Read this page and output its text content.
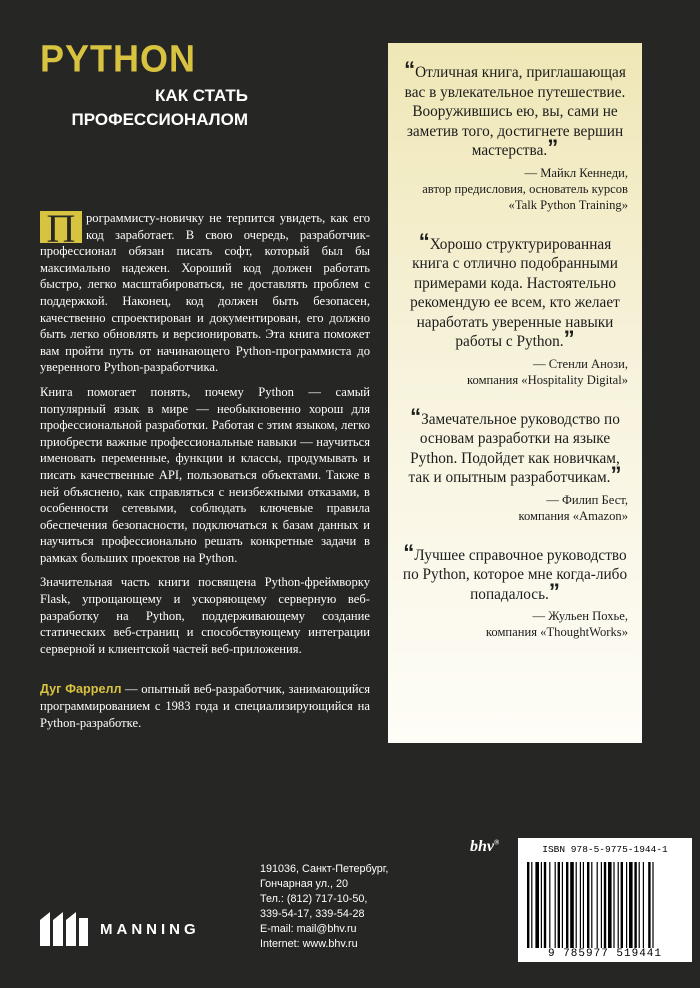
PYTHON
КАК СТАТЬ
ПРОФЕССИОНАЛОМ

П рограммисту-новичку не терпится увидеть, как его код заработает. В свою очередь, разработчик-профессионал обязан писать софт, который был бы максимально надежен. Хороший код должен работать быстро, легко масштабироваться, не доставлять проблем с поддержкой. Наконец, код должен быть безопасен, качественно спроектирован и документирован, его должно быть легко обновлять и версионировать. Эта книга поможет вам пройти путь от начинающего Python-программиста до уверенного Python-разработчика.

Книга помогает понять, почему Python — самый популярный язык в мире — необыкновенно хорош для профессиональной разработки. Работая с этим языком, легко приобрести важные профессиональные навыки — научиться именовать переменные, функции и классы, продумывать и писать качественные API, пользоваться объектами. Также в ней объяснено, как справляться с неизбежными отказами, в особенности сетевыми, соблюдать ключевые правила обеспечения безопасности, подключаться к базам данных и научиться профессионально решать конкретные задачи в рамках больших проектов на Python.

Значительная часть книги посвящена Python-фреймворку Flask, упрощающему и ускоряющему серверную веб-разработку на Python, поддерживающему создание статических веб-страниц и способствующему интеграции серверной и клиентской частей веб-приложения.

Дуг Фаррелл — опытный веб-разработчик, занимающийся программированием с 1983 года и специализирующийся на Python-разработке.

“Отличная книга, приглашающая вас в увлекательное путешествие. Вооружившись ею, вы, сами не заметив того, достигнете вершин мастерства.”
— Майкл Кеннеди,
автор предисловия, основатель курсов «Talk Python Training»
“Хорошо структурированная книга с отлично подобранными примерами кода. Настоятельно рекомендую ее всем, кто желает наработать уверенные навыки работы с Python.”
— Стенли Анози,
компания «Hospitality Digital»
“Замечательное руководство по основам разработки на языке Python. Подойдет как новичкам, так и опытным разработчикам.”
— Филип Бест,
компания «Amazon»
“Лучшее справочное руководство по Python, которое мне когда-либо попадалось.”
— Жульен Похье,
компания «ThoughtWorks»
bhv®
191036, Санкт-Петербург,
Гончарная ул., 20
Тел.: (812) 717-10-50,
339-54-17, 339-54-28
E-mail: mail@bhv.ru
Internet: www.bhv.ru
MANNING
ISBN 978-5-9775-1944-1
9 785977 519441
